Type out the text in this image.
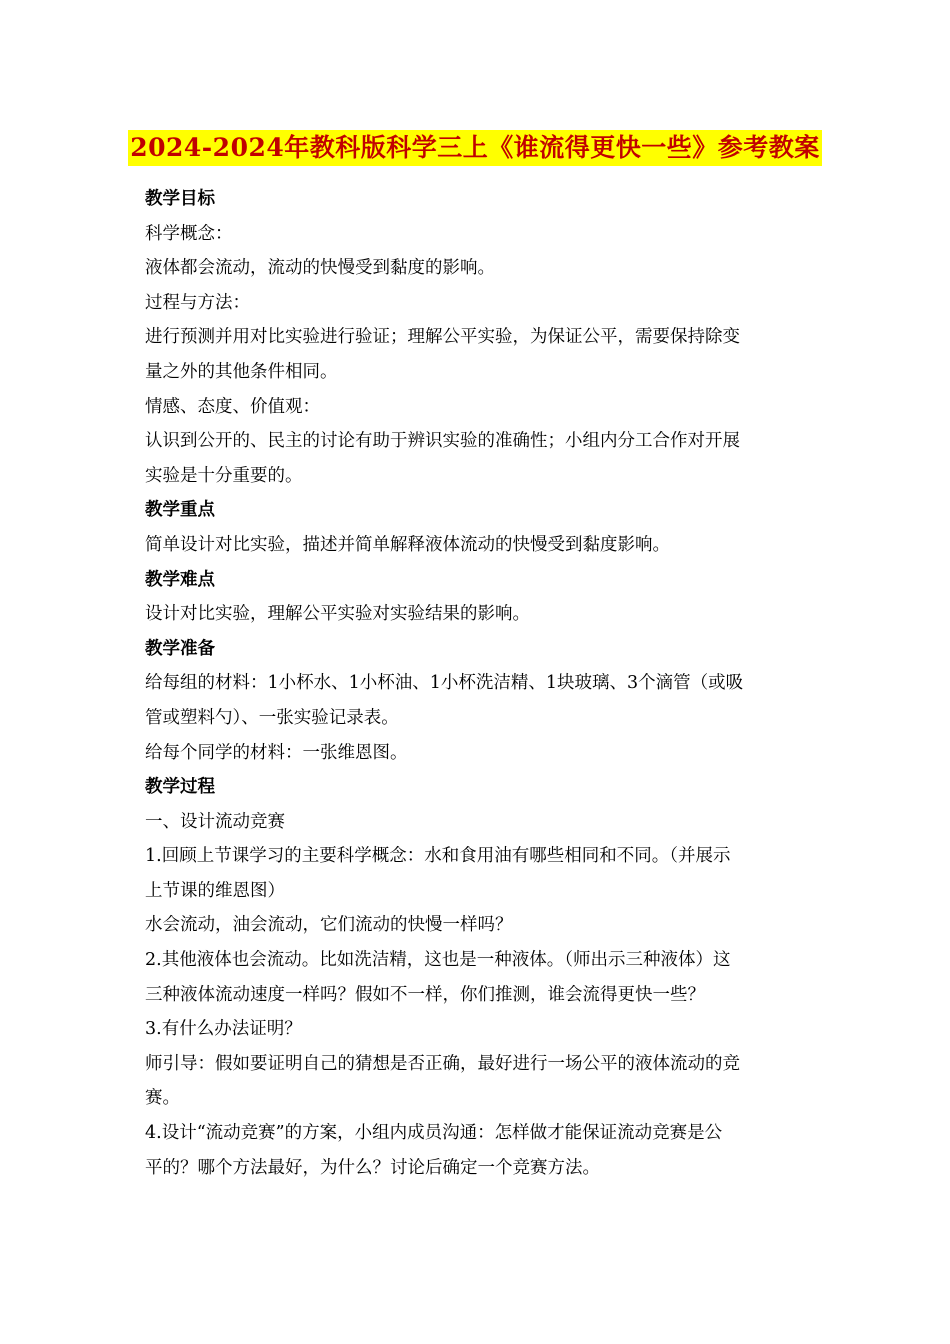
2024-2024年教科版科学三上《谁流得更快一些》参考教案
教学目标
科学概念：
液体都会流动，流动的快慢受到黏度的影响。
过程与方法：
进行预测并用对比实验进行验证；理解公平实验，为保证公平，需要保持除变
量之外的其他条件相同。
情感、态度、价值观：
认识到公开的、民主的讨论有助于辨识实验的准确性；小组内分工合作对开展
实验是十分重要的。
教学重点
简单设计对比实验，描述并简单解释液体流动的快慢受到黏度影响。
教学难点
设计对比实验，理解公平实验对实验结果的影响。
教学准备
给每组的材料：1小杯水、1小杯油、1小杯洗洁精、1块玻璃、3个滴管（或吸
管或塑料勺）、一张实验记录表。
给每个同学的材料：一张维恩图。
教学过程
一、设计流动竞赛
1.回顾上节课学习的主要科学概念：水和食用油有哪些相同和不同。（并展示
上节课的维恩图）
水会流动，油会流动，它们流动的快慢一样吗？
2.其他液体也会流动。比如洗洁精，这也是一种液体。（师出示三种液体）这
三种液体流动速度一样吗？假如不一样，你们推测，谁会流得更快一些？
3.有什么办法证明？
师引导：假如要证明自己的猜想是否正确，最好进行一场公平的液体流动的竞
赛。
4.设计“流动竞赛”的方案，小组内成员沟通：怎样做才能保证流动竞赛是公
平的？哪个方法最好，为什么？讨论后确定一个竞赛方法。
